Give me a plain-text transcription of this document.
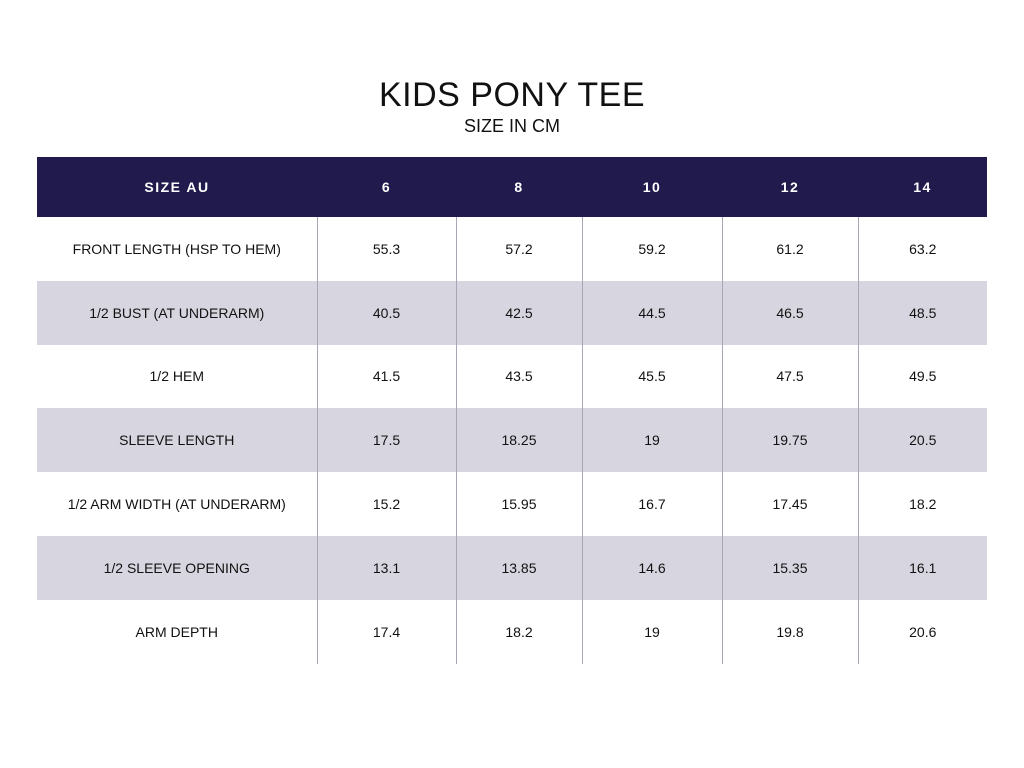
KIDS PONY TEE
SIZE IN CM
SIZE AU	6	8	10	12	14
FRONT LENGTH (HSP TO HEM)	55.3	57.2	59.2	61.2	63.2
1/2 BUST (AT UNDERARM)	40.5	42.5	44.5	46.5	48.5
1/2 HEM	41.5	43.5	45.5	47.5	49.5
SLEEVE LENGTH	17.5	18.25	19	19.75	20.5
1/2 ARM WIDTH (AT UNDERARM)	15.2	15.95	16.7	17.45	18.2
1/2 SLEEVE OPENING	13.1	13.85	14.6	15.35	16.1
ARM DEPTH	17.4	18.2	19	19.8	20.6
